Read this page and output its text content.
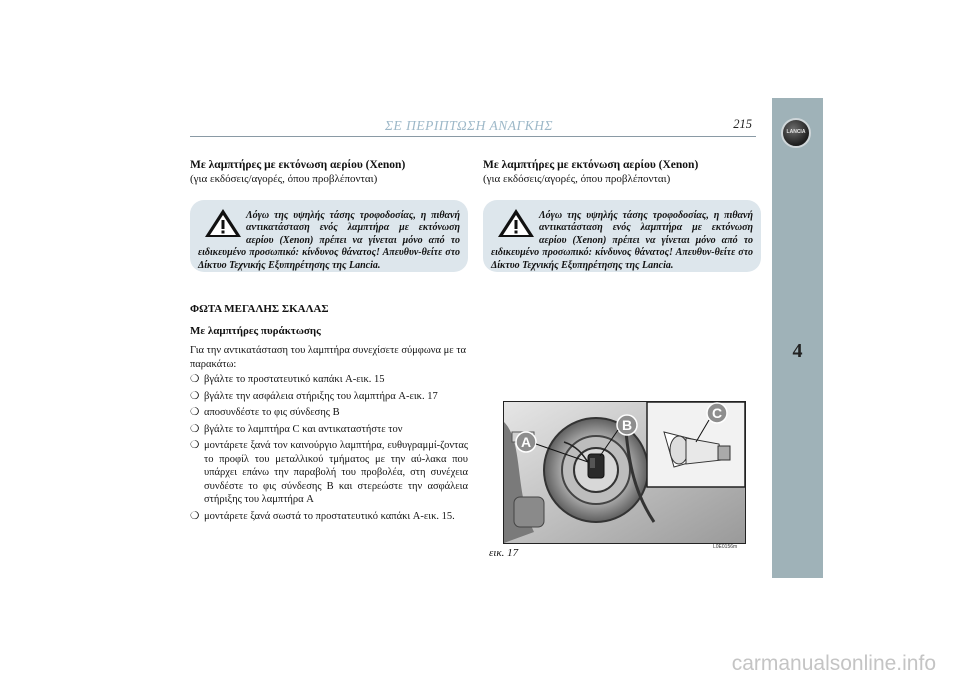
ΣΕ ΠΕΡΙΠΤΩΣΗ ΑΝΑΓΚΗΣ	215
LANCIA
4
Με λαμπτήρες με εκτόνωση αερίου (Xenon)
(για εκδόσεις/αγορές, όπου προβλέπονται)
Λόγω της υψηλής τάσης τροφοδοσίας, η πιθανή αντικατάσταση ενός λαμπτήρα με εκτόνωση αερίου (Xenon) πρέπει να γίνεται μόνο από το ειδικευμένο προσωπικό: κίνδυνος θάνατος! Απευθυν-θείτε στο Δίκτυο Τεχνικής Εξυπηρέτησης της Lancia.
ΦΩΤΑ ΜΕΓΑΛΗΣ ΣΚΑΛΑΣ
Με λαμπτήρες πυράκτωσης
Για την αντικατάσταση του λαμπτήρα συνεχίσετε σύμφωνα με τα παρακάτω:
❍ βγάλτε το προστατευτικό καπάκι A-εικ. 15
❍ βγάλτε την ασφάλεια στήριξης του λαμπτήρα A-εικ. 17
❍ αποσυνδέστε το φις σύνδεσης B
❍ βγάλτε το λαμπτήρα C και αντικαταστήστε τον
❍ μοντάρετε ξανά τον καινούργιο λαμπτήρα, ευθυγραμμί-ζοντας το προφίλ του μεταλλικού τμήματος με την αύ-λακα που υπάρχει επάνω την παραβολή του προβολέα, στη συνέχεια συνδέστε το φις σύνδεσης B και στερεώστε την ασφάλεια στήριξης του λαμπτήρα A
❍ μοντάρετε ξανά σωστά το προστατευτικό καπάκι A-εικ. 15.
Με λαμπτήρες με εκτόνωση αερίου (Xenon)
(για εκδόσεις/αγορές, όπου προβλέπονται)
Λόγω της υψηλής τάσης τροφοδοσίας, η πιθανή αντικατάσταση ενός λαμπτήρα με εκτόνωση αερίου (Xenon) πρέπει να γίνεται μόνο από το ειδικευμένο προσωπικό: κίνδυνος θάνατος! Απευθυν-θείτε στο Δίκτυο Τεχνικής Εξυπηρέτησης της Lancia.
A
B
C
εικ. 17	L0E0156m
carmanualsonline.info
